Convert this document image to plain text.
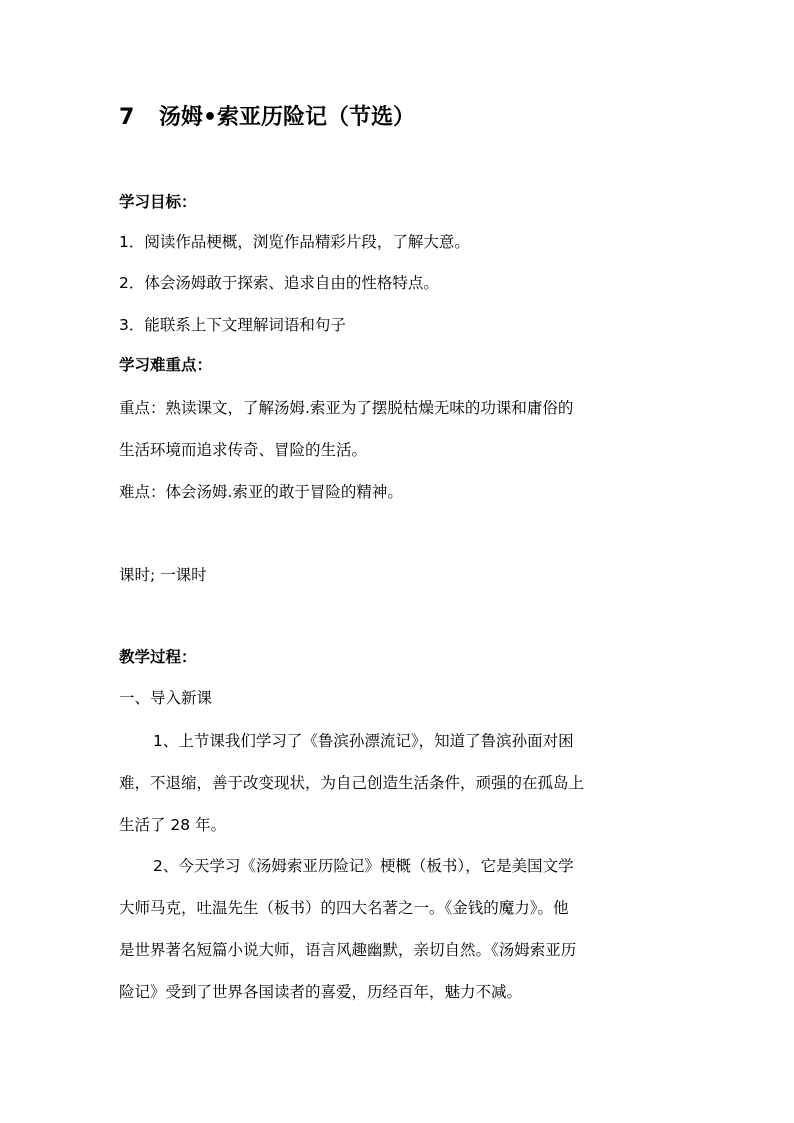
7 汤姆•索亚历险记（节选）
学习目标：
1．阅读作品梗概，浏览作品精彩片段，了解大意。
2．体会汤姆敢于探索、追求自由的性格特点。
3．能联系上下文理解词语和句子
学习难重点：
重点：熟读课文，了解汤姆.索亚为了摆脱枯燥无味的功课和庸俗的
生活环境而追求传奇、冒险的生活。
难点：体会汤姆.索亚的敢于冒险的精神。
课时; 一课时
教学过程：
一、导入新课
1、上节课我们学习了《鲁滨孙漂流记》，知道了鲁滨孙面对困
难，不退缩，善于改变现状，为自己创造生活条件，顽强的在孤岛上
生活了 28 年。
2、今天学习《汤姆索亚历险记》梗概（板书），它是美国文学
大师马克，吐温先生（板书）的四大名著之一。《金钱的魔力》。他
是世界著名短篇小说大师，语言风趣幽默，亲切自然。《汤姆索亚历
险记》受到了世界各国读者的喜爱，历经百年，魅力不减。
